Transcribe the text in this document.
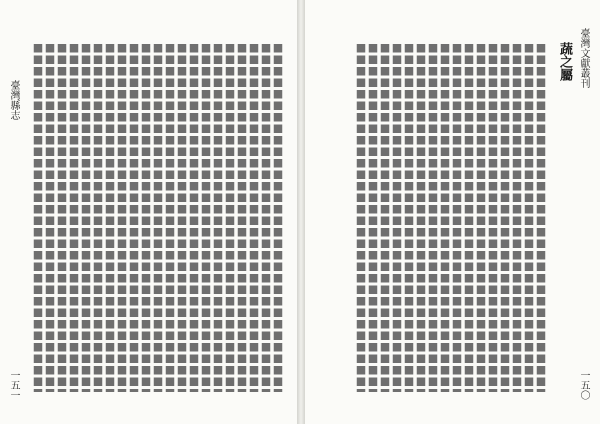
臺灣文獻叢刊
一五〇
蔬之屬
臺灣縣志
一五一
